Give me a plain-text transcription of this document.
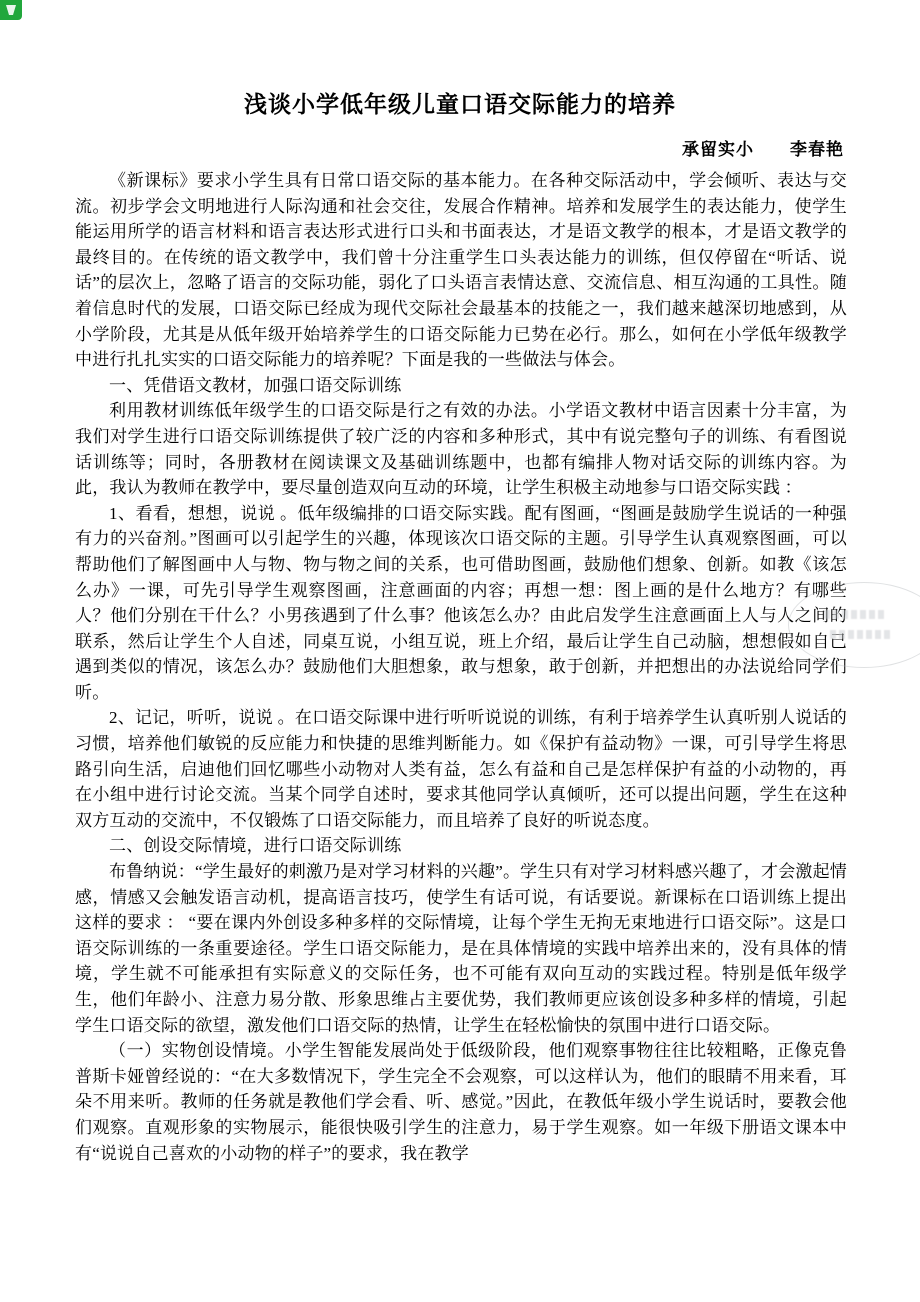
浅谈小学低年级儿童口语交际能力的培养
承留实小　　李春艳

《新课标》要求小学生具有日常口语交际的基本能力。在各种交际活动中，学会倾听、表达与交流。初步学会文明地进行人际沟通和社会交往，发展合作精神。培养和发展学生的表达能力，使学生能运用所学的语言材料和语言表达形式进行口头和书面表达，才是语文教学的根本，才是语文教学的最终目的。在传统的语文教学中，我们曾十分注重学生口头表达能力的训练，但仅停留在“听话、说话”的层次上，忽略了语言的交际功能，弱化了口头语言表情达意、交流信息、相互沟通的工具性。随着信息时代的发展，口语交际已经成为现代交际社会最基本的技能之一，我们越来越深切地感到，从小学阶段，尤其是从低年级开始培养学生的口语交际能力已势在必行。那么，如何在小学低年级教学中进行扎扎实实的口语交际能力的培养呢？下面是我的一些做法与体会。

一、凭借语文教材，加强口语交际训练

利用教材训练低年级学生的口语交际是行之有效的办法。小学语文教材中语言因素十分丰富，为我们对学生进行口语交际训练提供了较广泛的内容和多种形式，其中有说完整句子的训练、有看图说话训练等；同时，各册教材在阅读课文及基础训练题中，也都有编排人物对话交际的训练内容。为此，我认为教师在教学中，要尽量创造双向互动的环境，让学生积极主动地参与口语交际实践 ：

1、看看，想想，说说 。低年级编排的口语交际实践。配有图画，“图画是鼓励学生说话的一种强有力的兴奋剂。”图画可以引起学生的兴趣，体现该次口语交际的主题。引导学生认真观察图画，可以帮助他们了解图画中人与物、物与物之间的关系，也可借助图画，鼓励他们想象、创新。如教《该怎么办》一课，可先引导学生观察图画，注意画面的内容；再想一想：图上画的是什么地方？有哪些人？他们分别在干什么？小男孩遇到了什么事？他该怎么办？由此启发学生注意画面上人与人之间的联系，然后让学生个人自述，同桌互说，小组互说，班上介绍，最后让学生自己动脑，想想假如自己遇到类似的情况，该怎么办？鼓励他们大胆想象，敢与想象，敢于创新，并把想出的办法说给同学们听。

2、记记，听听，说说 。在口语交际课中进行听听说说的训练，有利于培养学生认真听别人说话的习惯，培养他们敏锐的反应能力和快捷的思维判断能力。如《保护有益动物》一课，可引导学生将思路引向生活，启迪他们回忆哪些小动物对人类有益，怎么有益和自己是怎样保护有益的小动物的，再在小组中进行讨论交流。当某个同学自述时，要求其他同学认真倾听，还可以提出问题，学生在这种双方互动的交流中，不仅锻炼了口语交际能力，而且培养了良好的听说态度。

二、创设交际情境，进行口语交际训练

布鲁纳说：“学生最好的刺激乃是对学习材料的兴趣”。学生只有对学习材料感兴趣了，才会激起情感，情感又会触发语言动机，提高语言技巧，使学生有话可说，有话要说。新课标在口语训练上提出这样的要求 ： “要在课内外创设多种多样的交际情境，让每个学生无拘无束地进行口语交际”。这是口语交际训练的一条重要途径。学生口语交际能力，是在具体情境的实践中培养出来的，没有具体的情境，学生就不可能承担有实际意义的交际任务，也不可能有双向互动的实践过程。特别是低年级学生，他们年龄小、注意力易分散、形象思维占主要优势，我们教师更应该创设多种多样的情境，引起学生口语交际的欲望，激发他们口语交际的热情，让学生在轻松愉快的氛围中进行口语交际。

（一）实物创设情境。小学生智能发展尚处于低级阶段，他们观察事物往往比较粗略，正像克鲁普斯卡娅曾经说的：“在大多数情况下，学生完全不会观察，可以这样认为，他们的眼睛不用来看，耳朵不用来听。教师的任务就是教他们学会看、听、感觉。”因此，在教低年级小学生说话时，要教会他们观察。直观形象的实物展示，能很快吸引学生的注意力，易于学生观察。如一年级下册语文课本中有“说说自己喜欢的小动物的样子”的要求，我在教学
